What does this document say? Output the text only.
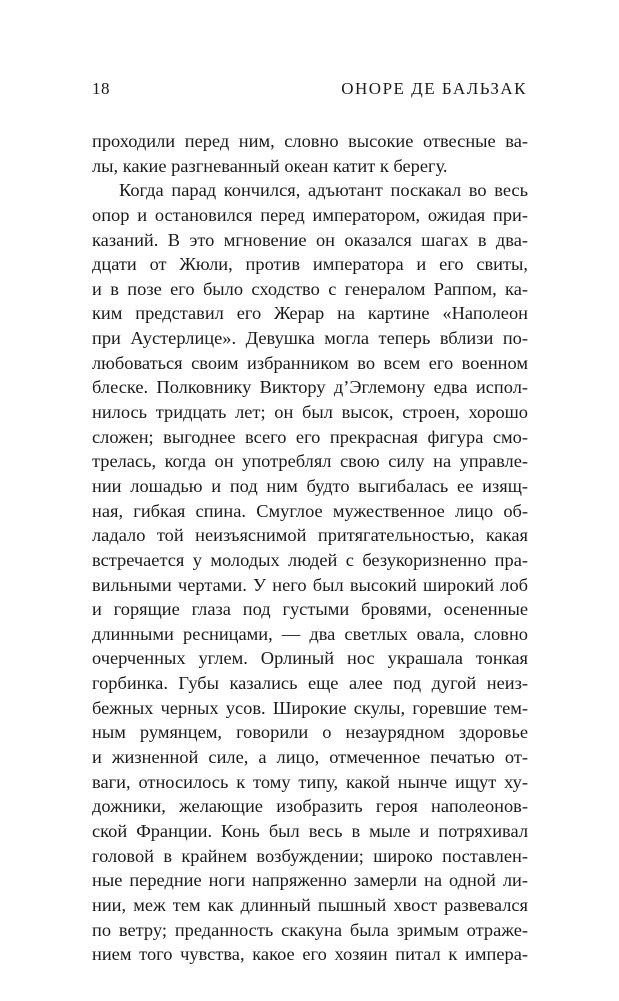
18	ОНОРЕ ДЕ БАЛЬЗАК
проходили перед ним, словно высокие отвесные ва-
лы, какие разгневанный океан катит к берегу.
Когда парад кончился, адъютант поскакал во весь
опор и остановился перед императором, ожидая при-
казаний. В это мгновение он оказался шагах в два-
дцати от Жюли, против императора и его свиты,
и в позе его было сходство с генералом Раппом, ка-
ким представил его Жерар на картине «Наполеон
при Аустерлице». Девушка могла теперь вблизи по-
любоваться своим избранником во всем его военном
блеске. Полковнику Виктору д’Эглемону едва испол-
нилось тридцать лет; он был высок, строен, хорошо
сложен; выгоднее всего его прекрасная фигура смо-
трелась, когда он употреблял свою силу на управле-
нии лошадью и под ним будто выгибалась ее изящ-
ная, гибкая спина. Смуглое мужественное лицо об-
ладало той неизъяснимой притягательностью, какая
встречается у молодых людей с безукоризненно пра-
вильными чертами. У него был высокий широкий лоб
и горящие глаза под густыми бровями, осененные
длинными ресницами, — два светлых овала, словно
очерченных углем. Орлиный нос украшала тонкая
горбинка. Губы казались еще алее под дугой неиз-
бежных черных усов. Широкие скулы, горевшие тем-
ным румянцем, говорили о незаурядном здоровье
и жизненной силе, а лицо, отмеченное печатью от-
ваги, относилось к тому типу, какой нынче ищут ху-
дожники, желающие изобразить героя наполеонов-
ской Франции. Конь был весь в мыле и потряхивал
головой в крайнем возбуждении; широко поставлен-
ные передние ноги напряженно замерли на одной ли-
нии, меж тем как длинный пышный хвост развевался
по ветру; преданность скакуна была зримым отраже-
нием того чувства, какое его хозяин питал к импера-
